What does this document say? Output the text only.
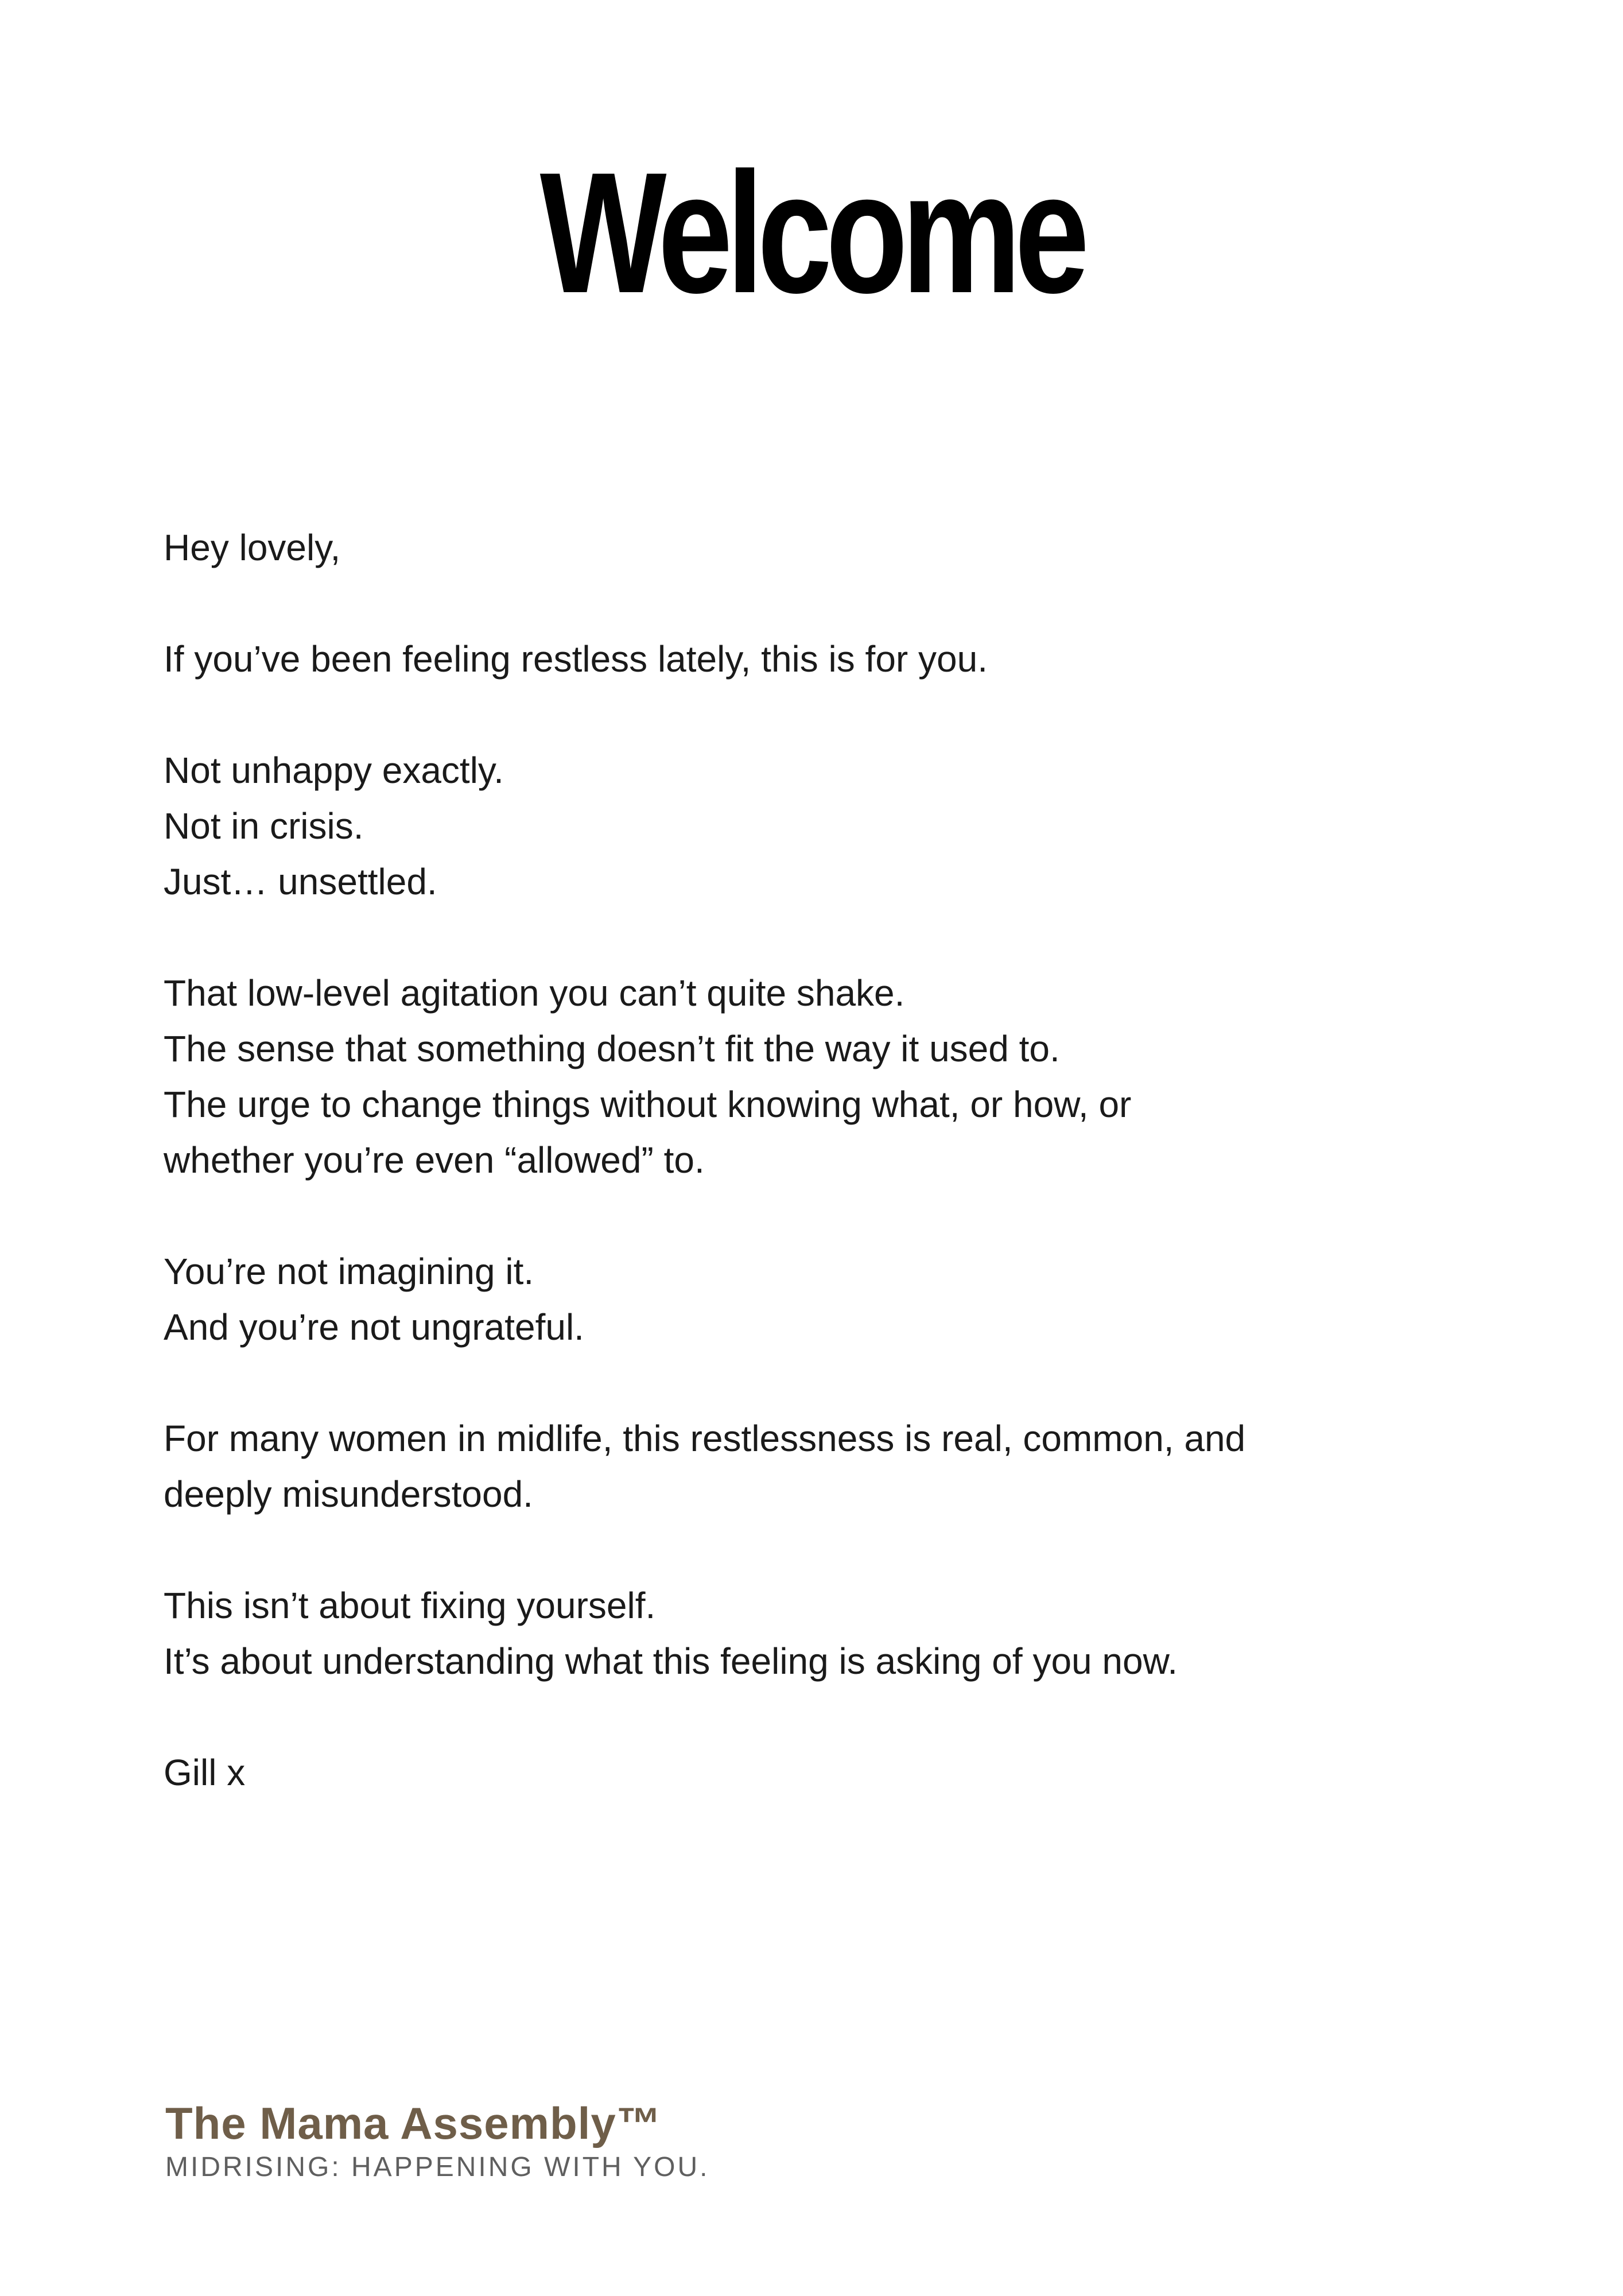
Welcome

Hey lovely,

If you’ve been feeling restless lately, this is for you.

Not unhappy exactly.
Not in crisis.
Just… unsettled.

That low-level agitation you can’t quite shake.
The sense that something doesn’t fit the way it used to.
The urge to change things without knowing what, or how, or
whether you’re even “allowed” to.

You’re not imagining it.
And you’re not ungrateful.

For many women in midlife, this restlessness is real, common, and
deeply misunderstood.

This isn’t about fixing yourself.
It’s about understanding what this feeling is asking of you now.

Gill x

The Mama Assembly™
MIDRISING: HAPPENING WITH YOU.
